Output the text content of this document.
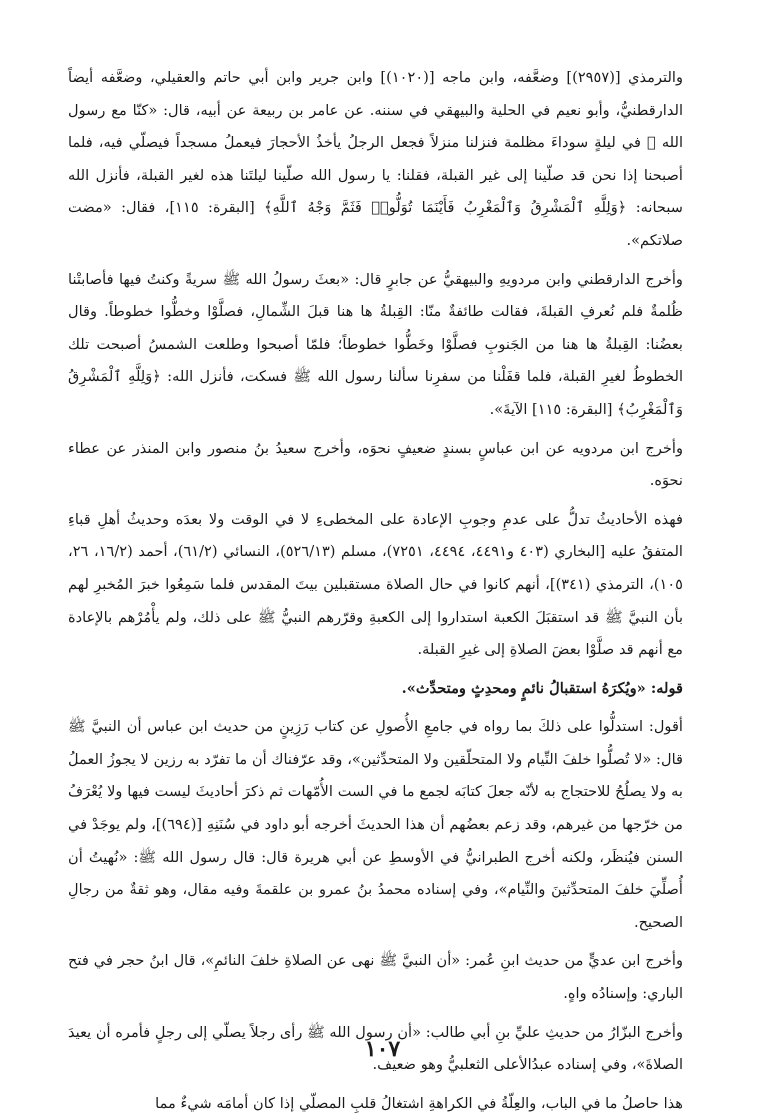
والترمذي [(٢٩٥٧)] وضعَّفه، وابن ماجه [(١٠٢٠)] وابن جرير وابن أبي حاتم والعقيلي، وضعَّفه أيضاً الدارقطنيُّ، وأبو نعيم في الحلية والبيهقي في سننه. عن عامر بن ربيعة عن أبيه، قال: «كنّا مع رسول الله ﷺ في ليلةٍ سوداءَ مظلمة فنزلنا منزلاً فجعل الرجلُ يأخذُ الأحجارَ فيعملُ مسجداً فيصلّي فيه، فلما أصبحنا إذا نحن قد صلّينا إلى غير القبلة، فقلنا: يا رسول الله صلّينا ليلتَنا هذه لغير القبلة، فأنزل الله سبحانه: ﴿وَلِلَّهِ ٱلْمَشْرِقُ وَٱلْمَغْرِبُ فَأَيْنَمَا تُوَلُّوا۟ فَثَمَّ وَجْهُ ٱللَّهِ﴾ [البقرة: ١١٥]، فقال: «مضت صلاتكم».

وأخرج الدارقطني وابن مردويهِ والبيهقيُّ عن جابرٍ قال: «بعثَ رسولُ الله ﷺ سريةً وكنتُ فيها فأصابتْنا ظُلمةٌ فلم نُعرفِ القبلةَ، فقالت طائفةٌ منّا: القِبلةُ ها هنا قبلَ الشِّمالِ، فصلَّوْا وخطُّوا خطوطاً. وقال بعضُنا: القِبلةُ ها هنا من الجَنوبِ فصلَّوْا وخَطُّوا خطوطاً؛ فلمّا أصبحوا وطلعت الشمسُ أصبحت تلك الخطوطُ لغيرِ القبلة، فلما قفَلْنا من سفرِنا سألنا رسول الله ﷺ فسكت، فأنزل الله: ﴿وَلِلَّهِ ٱلْمَشْرِقُ وَٱلْمَغْرِبُ﴾ [البقرة: ١١٥] الآيةَ».

وأخرج ابن مردويه عن ابن عباسٍ بسندٍ ضعيفٍ نحوَه، وأخرج سعيدُ بنُ منصور وابن المنذر عن عطاء نحوَه.

فهذه الأحاديثُ تدلُّ على عدمِ وجوبِ الإعادة على المخطىءِ لا في الوقت ولا بعدَه وحديثُ أهلِ قباءِ المتفقُ عليه [البخاري (٤٠٣ و٤٤٩١، ٤٤٩٤، ٧٢٥١)، مسلم (٥٢٦/١٣)، النسائي (٦١/٢)، أحمد (١٦/٢، ٢٦، ١٠٥)، الترمذي (٣٤١)]، أنهم كانوا في حال الصلاة مستقبلين بيتَ المقدس فلما سَمِعُوا خبرَ المُخبرِ لهم بأن النبيَّ ﷺ قد استقبَلَ الكعبة استداروا إلى الكعبةِ وقرّرهم النبيُّ ﷺ على ذلك، ولم يأْمُرْهم بالإعادة مع أنهم قد صلَّوْا بعضَ الصلاةِ إلى غيرِ القبلة.

قوله: «ويُكرَهُ استقبالُ نائمٍ ومحدِثٍ ومتحدِّث».

أقول: استدلُّوا على ذلكَ بما رواه في جامعِ الأُصولِ عن كتاب رَزِينٍ من حديث ابن عباس أن النبيَّ ﷺ قال: «لا تُصلُّوا خلفَ النِّيام ولا المتحلّقين ولا المتحدِّثين»، وقد عرّفناك أن ما تفرّد به رزين لا يجوزُ العملُ به ولا يصلُحُ للاحتجاج به لأنّه جعلَ كتابَه لجمع ما في الست الأُمّهات ثم ذكرَ أحاديثَ ليست فيها ولا يُعْرَفُ من خرّجها من غيرهم، وقد زعم بعضُهم أن هذا الحديثَ أخرجه أبو داود في سُنَنِهِ [(٦٩٤)]، ولم يوجَدْ في السنن فيُنظَر، ولكنه أخرج الطبرانيُّ في الأوسطِ عن أبي هريرة قال: قال رسول الله ﷺ: «نُهيتُ أن أُصلِّيَ خلفَ المتحدِّثينَ والنِّيام»، وفي إسناده محمدُ بنُ عمرو بن علقمةَ وفيه مقال، وهو ثقةٌ من رجالِ الصحيح.

وأخرج ابن عديٍّ من حديث ابنِ عُمر: «أن النبيَّ ﷺ نهى عن الصلاةِ خلفَ النائمِ»، قال ابنُ حجر في فتح الباري: وإسنادُه واهٍ.

وأخرج البزّارُ من حديثِ عليِّ بنِ أبي طالب: «أن رسول الله ﷺ رأى رجلاً يصلّي إلى رجلٍ فأمره أن يعيدَ الصلاةَ»، وفي إسناده عبدُالأعلى الثعلبيُّ وهو ضعيف.

هذا حاصلُ ما في الباب، والعِلّةُ في الكراهةِ اشتغالُ قلبِ المصلّي إذا كان أمامَه شيءٌ مما

١٠٧
